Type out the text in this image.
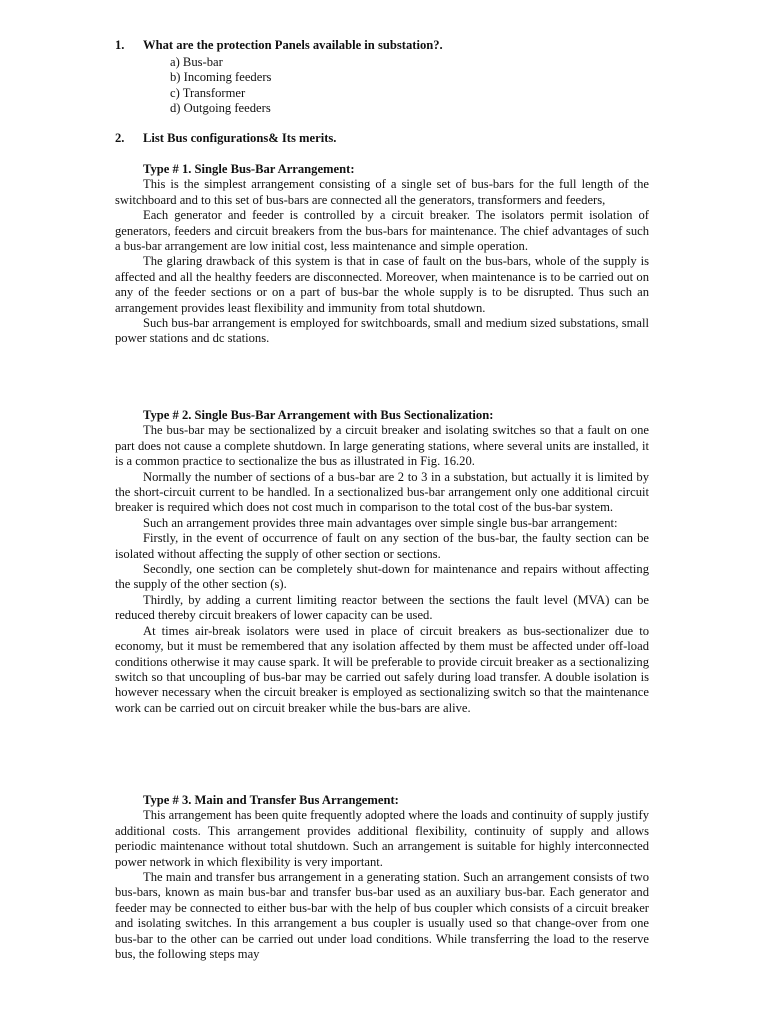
1. What are the protection Panels available in substation?.
a) Bus-bar
b) Incoming feeders
c) Transformer
d) Outgoing feeders
2. List Bus configurations& Its merits.
Type # 1. Single Bus-Bar Arrangement:

This is the simplest arrangement consisting of a single set of bus-bars for the full length of the switchboard and to this set of bus-bars are connected all the generators, transformers and feeders,

Each generator and feeder is controlled by a circuit breaker. The isolators permit isolation of generators, feeders and circuit breakers from the bus-bars for maintenance. The chief advantages of such a bus-bar arrangement are low initial cost, less maintenance and simple operation.

The glaring drawback of this system is that in case of fault on the bus-bars, whole of the supply is affected and all the healthy feeders are disconnected. Moreover, when maintenance is to be carried out on any of the feeder sections or on a part of bus-bar the whole supply is to be disrupted. Thus such an arrangement provides least flexibility and immunity from total shutdown.

Such bus-bar arrangement is employed for switchboards, small and medium sized substations, small power stations and dc stations.

Type # 2. Single Bus-Bar Arrangement with Bus Sectionalization:

The bus-bar may be sectionalized by a circuit breaker and isolating switches so that a fault on one part does not cause a complete shutdown. In large generating stations, where several units are installed, it is a common practice to sectionalize the bus as illustrated in Fig. 16.20.

Normally the number of sections of a bus-bar are 2 to 3 in a substation, but actually it is limited by the short-circuit current to be handled. In a sectionalized bus-bar arrangement only one additional circuit breaker is required which does not cost much in comparison to the total cost of the bus-bar system.

Such an arrangement provides three main advantages over simple single bus-bar arrangement:

Firstly, in the event of occurrence of fault on any section of the bus-bar, the faulty section can be isolated without affecting the supply of other section or sections.

Secondly, one section can be completely shut-down for maintenance and repairs without affecting the supply of the other section (s).

Thirdly, by adding a current limiting reactor between the sections the fault level (MVA) can be reduced thereby circuit breakers of lower capacity can be used.

At times air-break isolators were used in place of circuit breakers as bus-sectionalizer due to economy, but it must be remembered that any isolation affected by them must be affected under off-load conditions otherwise it may cause spark. It will be preferable to provide circuit breaker as a sectionalizing switch so that uncoupling of bus-bar may be carried out safely during load transfer. A double isolation is however necessary when the circuit breaker is employed as sectionalizing switch so that the maintenance work can be carried out on circuit breaker while the bus-bars are alive.

Type # 3. Main and Transfer Bus Arrangement:

This arrangement has been quite frequently adopted where the loads and continuity of supply justify additional costs. This arrangement provides additional flexibility, continuity of supply and allows periodic maintenance without total shutdown. Such an arrangement is suitable for highly interconnected power network in which flexibility is very important.

The main and transfer bus arrangement in a generating station. Such an arrangement consists of two bus-bars, known as main bus-bar and transfer bus-bar used as an auxiliary bus-bar. Each generator and feeder may be connected to either bus-bar with the help of bus coupler which consists of a circuit breaker and isolating switches. In this arrangement a bus coupler is usually used so that change-over from one bus-bar to the other can be carried out under load conditions. While transferring the load to the reserve bus, the following steps may
